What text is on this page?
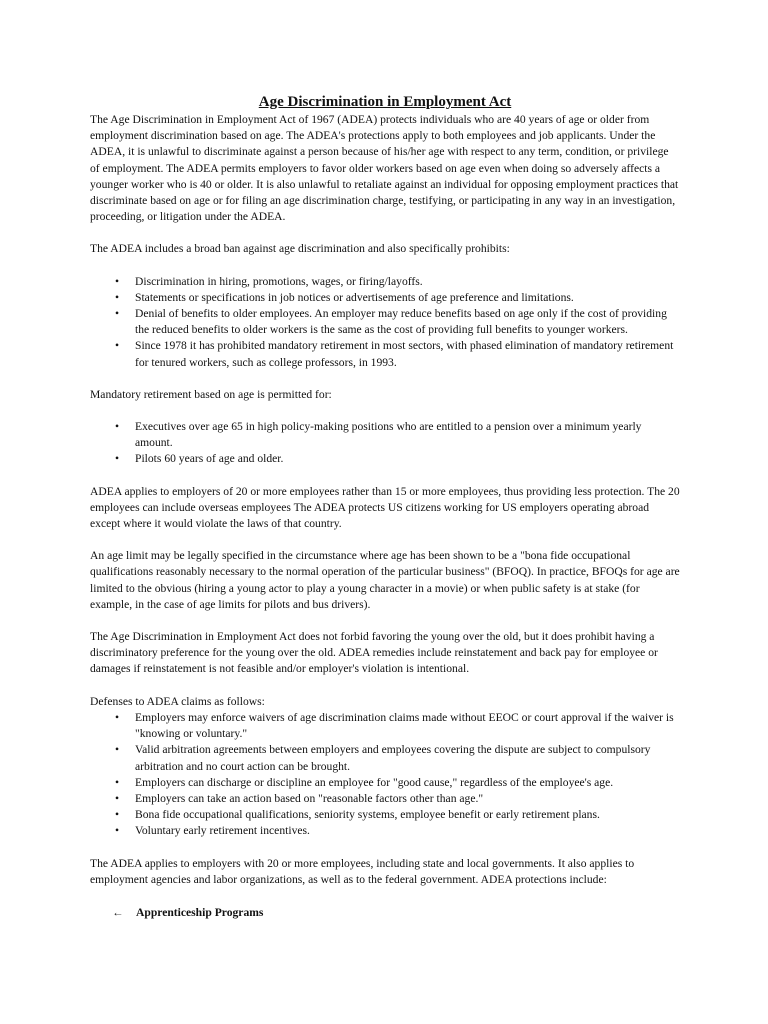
Age Discrimination in Employment Act

The Age Discrimination in Employment Act of 1967 (ADEA) protects individuals who are 40 years of age or older from employment discrimination based on age. The ADEA's protections apply to both employees and job applicants. Under the ADEA, it is unlawful to discriminate against a person because of his/her age with respect to any term, condition, or privilege of employment. The ADEA permits employers to favor older workers based on age even when doing so adversely affects a younger worker who is 40 or older. It is also unlawful to retaliate against an individual for opposing employment practices that discriminate based on age or for filing an age discrimination charge, testifying, or participating in any way in an investigation, proceeding, or litigation under the ADEA.

The ADEA includes a broad ban against age discrimination and also specifically prohibits:

• Discrimination in hiring, promotions, wages, or firing/layoffs.
• Statements or specifications in job notices or advertisements of age preference and limitations.
• Denial of benefits to older employees. An employer may reduce benefits based on age only if the cost of providing the reduced benefits to older workers is the same as the cost of providing full benefits to younger workers.
• Since 1978 it has prohibited mandatory retirement in most sectors, with phased elimination of mandatory retirement for tenured workers, such as college professors, in 1993.

Mandatory retirement based on age is permitted for:

• Executives over age 65 in high policy-making positions who are entitled to a pension over a minimum yearly amount.
• Pilots 60 years of age and older.

ADEA applies to employers of 20 or more employees rather than 15 or more employees, thus providing less protection. The 20 employees can include overseas employees The ADEA protects US citizens working for US employers operating abroad except where it would violate the laws of that country.

An age limit may be legally specified in the circumstance where age has been shown to be a "bona fide occupational qualifications reasonably necessary to the normal operation of the particular business" (BFOQ). In practice, BFOQs for age are limited to the obvious (hiring a young actor to play a young character in a movie) or when public safety is at stake (for example, in the case of age limits for pilots and bus drivers).

The Age Discrimination in Employment Act does not forbid favoring the young over the old, but it does prohibit having a discriminatory preference for the young over the old. ADEA remedies include reinstatement and back pay for employee or damages if reinstatement is not feasible and/or employer's violation is intentional.

Defenses to ADEA claims as follows:

• Employers may enforce waivers of age discrimination claims made without EEOC or court approval if the waiver is "knowing or voluntary."
• Valid arbitration agreements between employers and employees covering the dispute are subject to compulsory arbitration and no court action can be brought.
• Employers can discharge or discipline an employee for "good cause," regardless of the employee's age.
• Employers can take an action based on "reasonable factors other than age."
• Bona fide occupational qualifications, seniority systems, employee benefit or early retirement plans.
• Voluntary early retirement incentives.

The ADEA applies to employers with 20 or more employees, including state and local governments. It also applies to employment agencies and labor organizations, as well as to the federal government. ADEA protections include:

← Apprenticeship Programs
